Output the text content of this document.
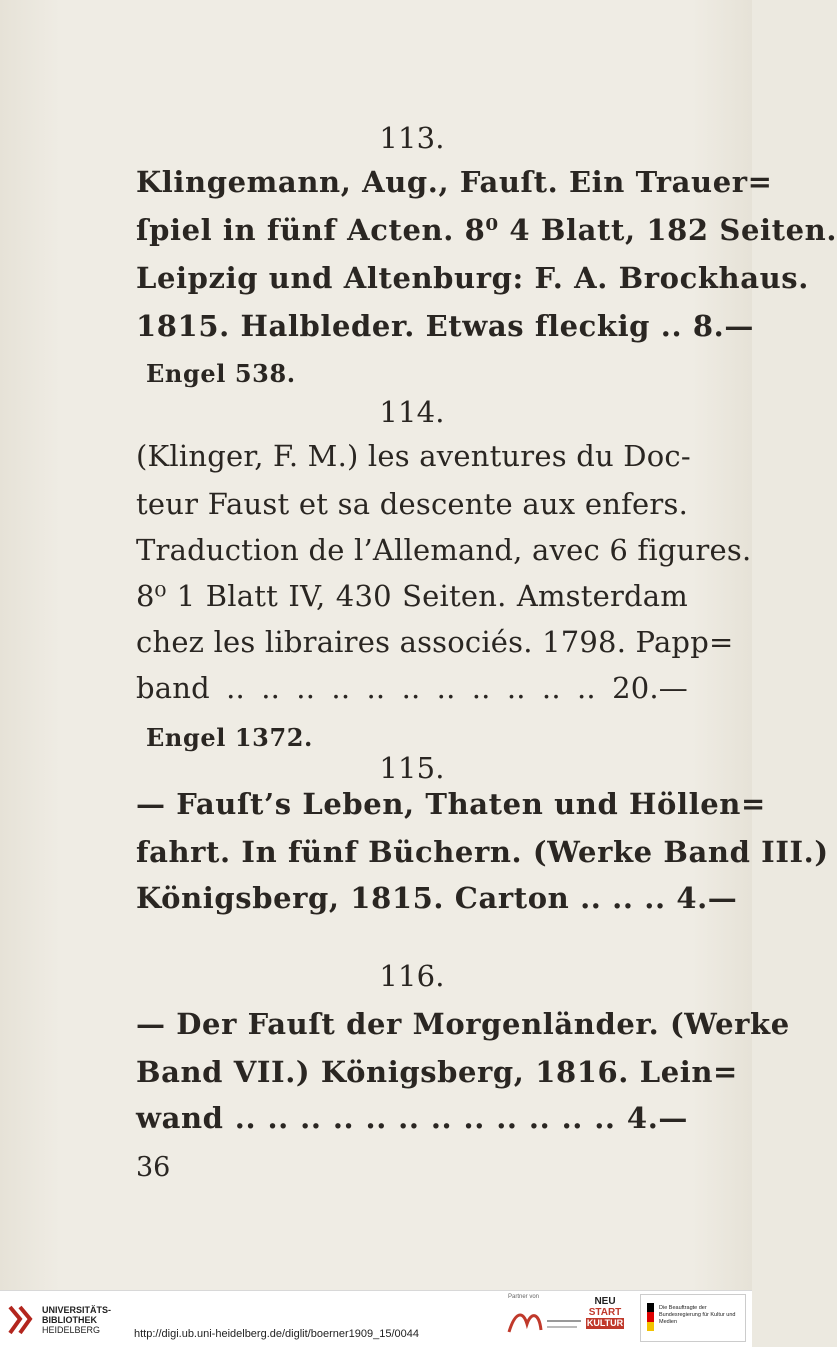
113.
Klingemann, Aug., Fauſt. Ein Trauer=
ſpiel in fünf Acten. 8⁰ 4 Blatt, 182 Seiten.
Leipzig und Altenburg: F. A. Brockhaus.
1815. Halbleder. Etwas fleckig .. 8.—
Engel 538.
114.
(Klinger, F. M.) les aventures du Doc-
teur Faust et sa descente aux enfers.
Traduction de l’Allemand, avec 6 figures.
8⁰ 1 Blatt IV, 430 Seiten. Amsterdam
chez les libraires associés. 1798. Papp=
band .. .. .. .. .. .. .. .. .. .. .. 20.—
Engel 1372.
115.
— Fauſt’s Leben, Thaten und Höllen=
fahrt. In fünf Büchern. (Werke Band III.)
Königsberg, 1815. Carton .. .. .. 4.—
116.
— Der Fauſt der Morgenländer. (Werke
Band VII.) Königsberg, 1816. Lein=
wand .. .. .. .. .. .. .. .. .. .. .. .. 4.—
36
UNIVERSITÄTS-
BIBLIOTHEK
HEIDELBERG	http://digi.ub.uni-heidelberg.de/diglit/boerner1909_15/0044
Partner von	NEU
START
KULTUR
Die Beauftragte der Bundesregierung für Kultur und Medien
